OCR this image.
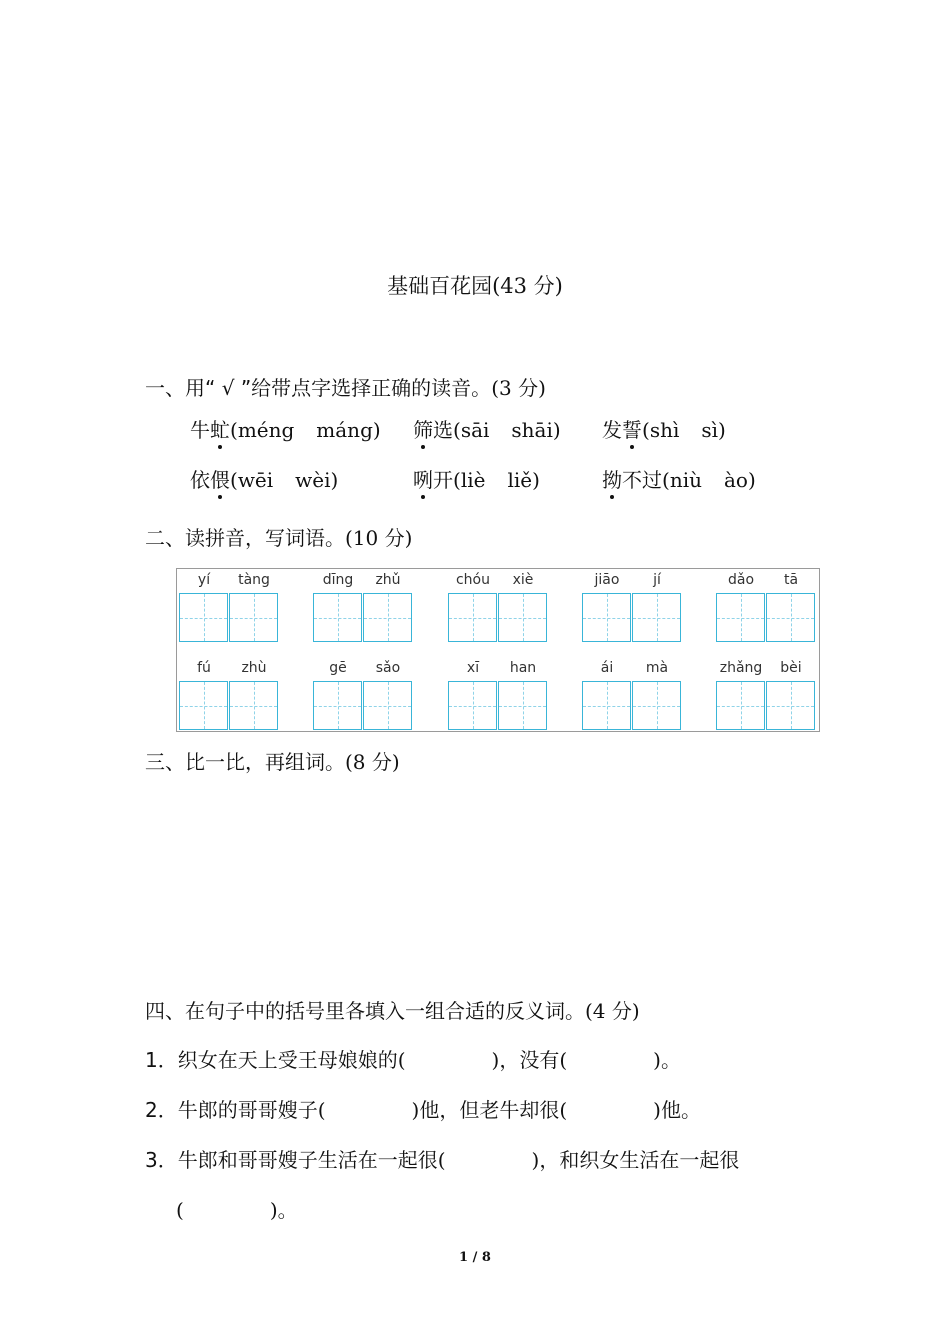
基础百花园(43 分)
一、用“ √ ”给带点字选择正确的读音。(3 分)
牛虻(méng máng) 筛选(sāi shāi) 发誓(shì sì)
依偎(wēi wèi)	咧开(liè liě)	拗不过(niù ào)
二、读拼音，写词语。(10 分)
yí	tàng	dīng	zhǔ	chóu	xiè	jiāo	jí	dǎo	tā
fú	zhù	gē	sǎo	xī	han	ái	mà	zhǎng	bèi
三、比一比，再组词。(8 分)
四、在句子中的括号里各填入一组合适的反义词。(4 分)
1．织女在天上受王母娘娘的(	)，没有(	)。
2．牛郎的哥哥嫂子(	)他，但老牛却很(	)他。
3．牛郎和哥哥嫂子生活在一起很(	)，和织女生活在一起很
(	)。
1 / 8
